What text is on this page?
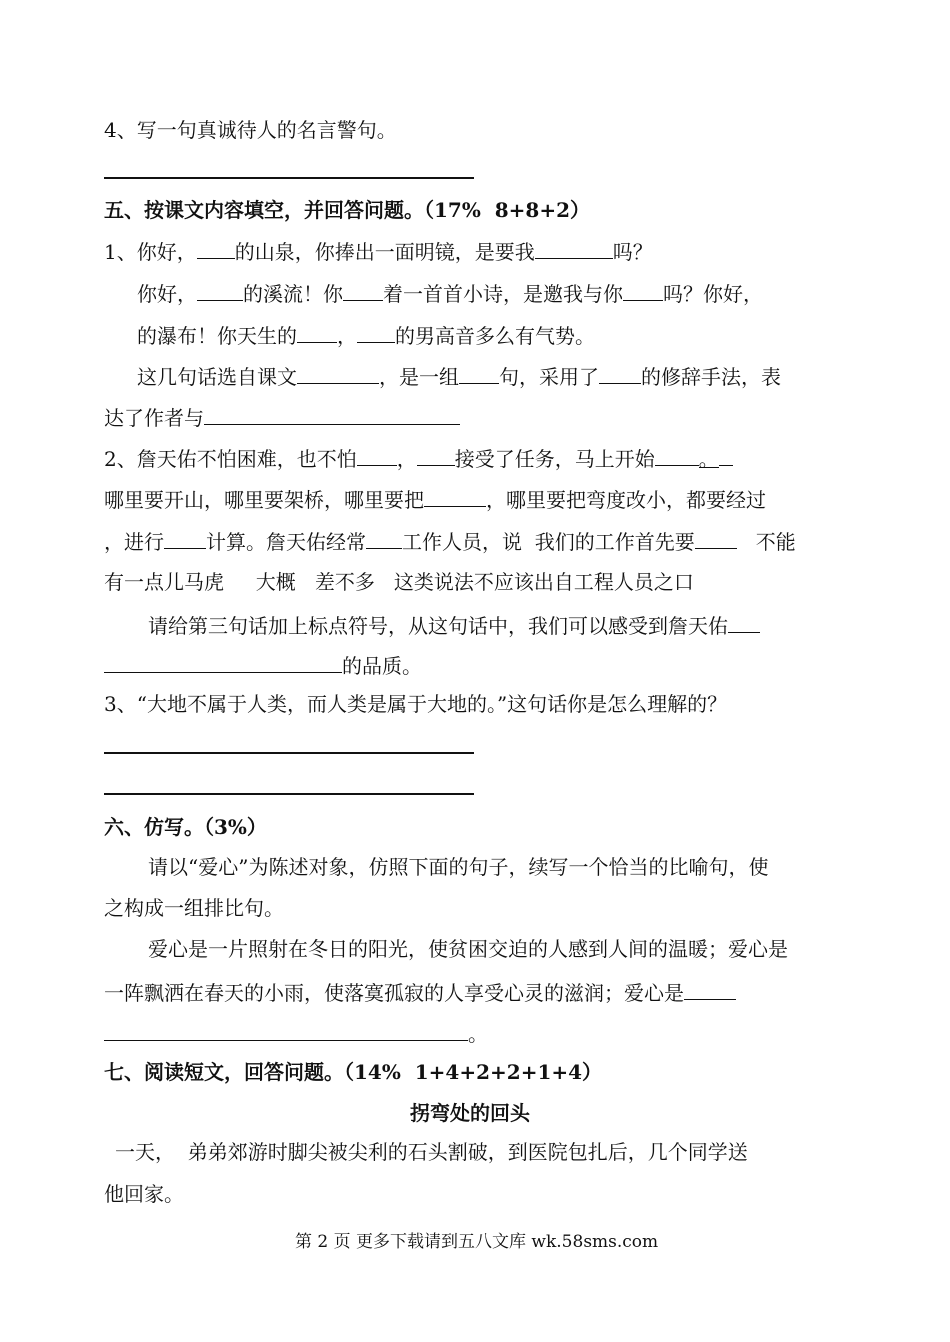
4、写一句真诚待人的名言警句。
五、按课文内容填空，并回答问题。（17%  8+8+2）
1、你好， 的山泉，你捧出一面明镜，是要我	吗？
你好， 的溪流！你 着一首首小诗，是邀我与你 吗？你好，
的瀑布！你天生的 ， 的男高音多么有气势。
这几句话选自课文	，是一组 句，采用了 的修辞手法，表
达了作者与
2、詹天佑不怕困难，也不怕 ， 接受了任务，马上开始 。
哪里要开山，哪里要架桥，哪里要把	，哪里要把弯度改小，都要经过
，进行 计算。詹天佑经常 工作人员，说  我们的工作首先要   不能
有一点儿马虎     大概   差不多   这类说法不应该出自工程人员之口
请给第三句话加上标点符号，从这句话中，我们可以感受到詹天佑
的品质。
3、“大地不属于人类，而人类是属于大地的。”这句话你是怎么理解的？
六、仿写。（3%）
请以“爱心”为陈述对象，仿照下面的句子，续写一个恰当的比喻句，使
之构成一组排比句。
爱心是一片照射在冬日的阳光，使贫困交迫的人感到人间的温暖；爱心是
一阵飘洒在春天的小雨，使落寞孤寂的人享受心灵的滋润；爱心是
。
七、阅读短文，回答问题。（14%  1+4+2+2+1+4）
拐弯处的回头
一天，  弟弟郊游时脚尖被尖利的石头割破，到医院包扎后，几个同学送
他回家。
第 2 页 更多下载请到五八文库 wk.58sms.com
